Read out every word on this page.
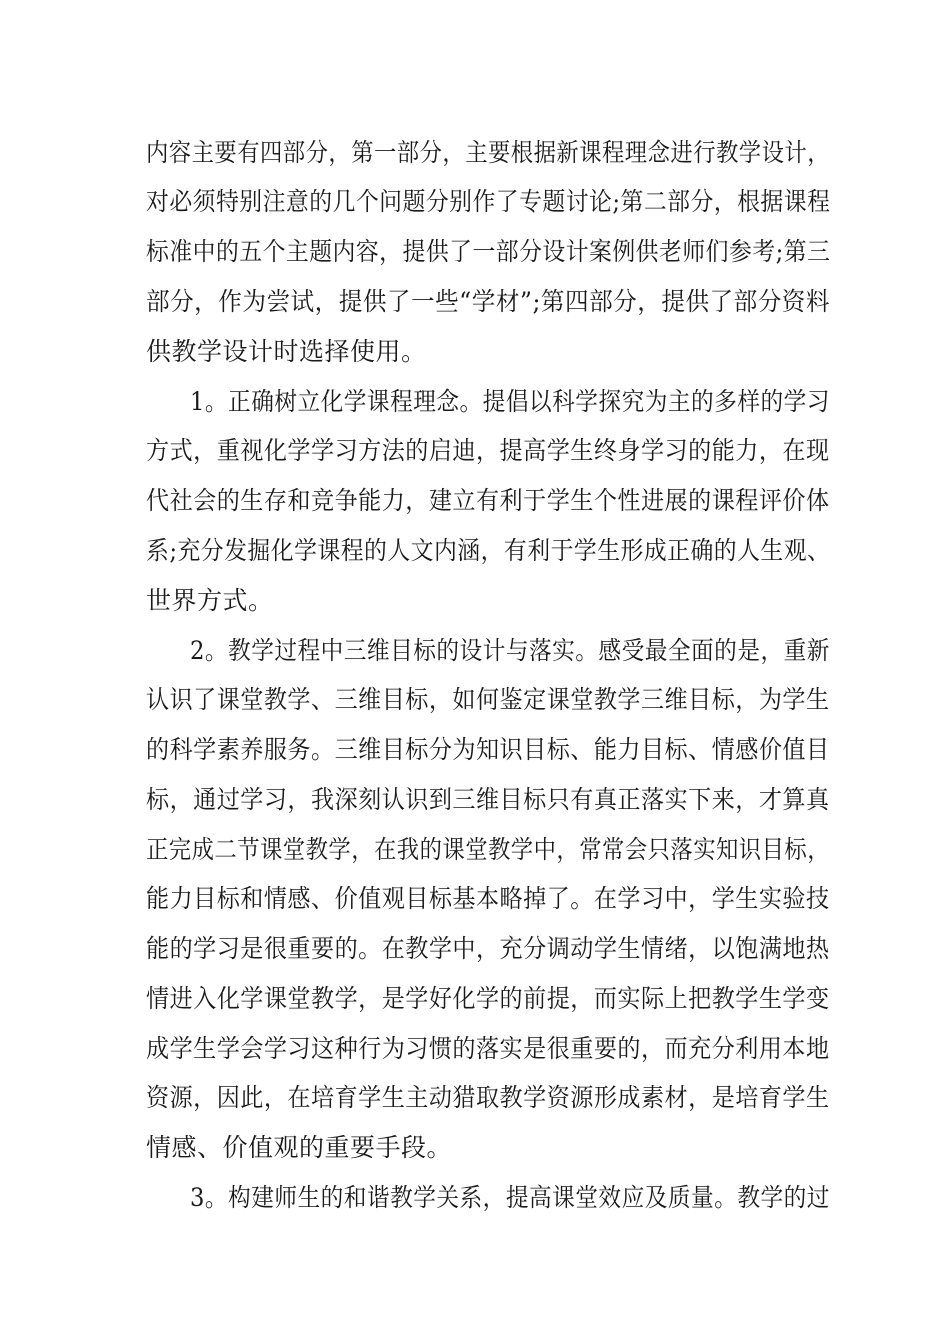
内容主要有四部分，第一部分，主要根据新课程理念进行教学设计，
对必须特别注意的几个问题分别作了专题讨论;第二部分，根据课程
标准中的五个主题内容，提供了一部分设计案例供老师们参考;第三
部分，作为尝试，提供了一些“学材”;第四部分，提供了部分资料
供教学设计时选择使用。
1。正确树立化学课程理念。提倡以科学探究为主的多样的学习
方式，重视化学学习方法的启迪，提高学生终身学习的能力，在现
代社会的生存和竞争能力，建立有利于学生个性进展的课程评价体
系;充分发掘化学课程的人文内涵，有利于学生形成正确的人生观、
世界方式。
2。教学过程中三维目标的设计与落实。感受最全面的是，重新
认识了课堂教学、三维目标，如何鉴定课堂教学三维目标，为学生
的科学素养服务。三维目标分为知识目标、能力目标、情感价值目
标，通过学习，我深刻认识到三维目标只有真正落实下来，才算真
正完成二节课堂教学，在我的课堂教学中，常常会只落实知识目标，
能力目标和情感、价值观目标基本略掉了。在学习中，学生实验技
能的学习是很重要的。在教学中，充分调动学生情绪，以饱满地热
情进入化学课堂教学，是学好化学的前提，而实际上把教学生学变
成学生学会学习这种行为习惯的落实是很重要的，而充分利用本地
资源，因此，在培育学生主动猎取教学资源形成素材，是培育学生
情感、价值观的重要手段。
3。构建师生的和谐教学关系，提高课堂效应及质量。教学的过
